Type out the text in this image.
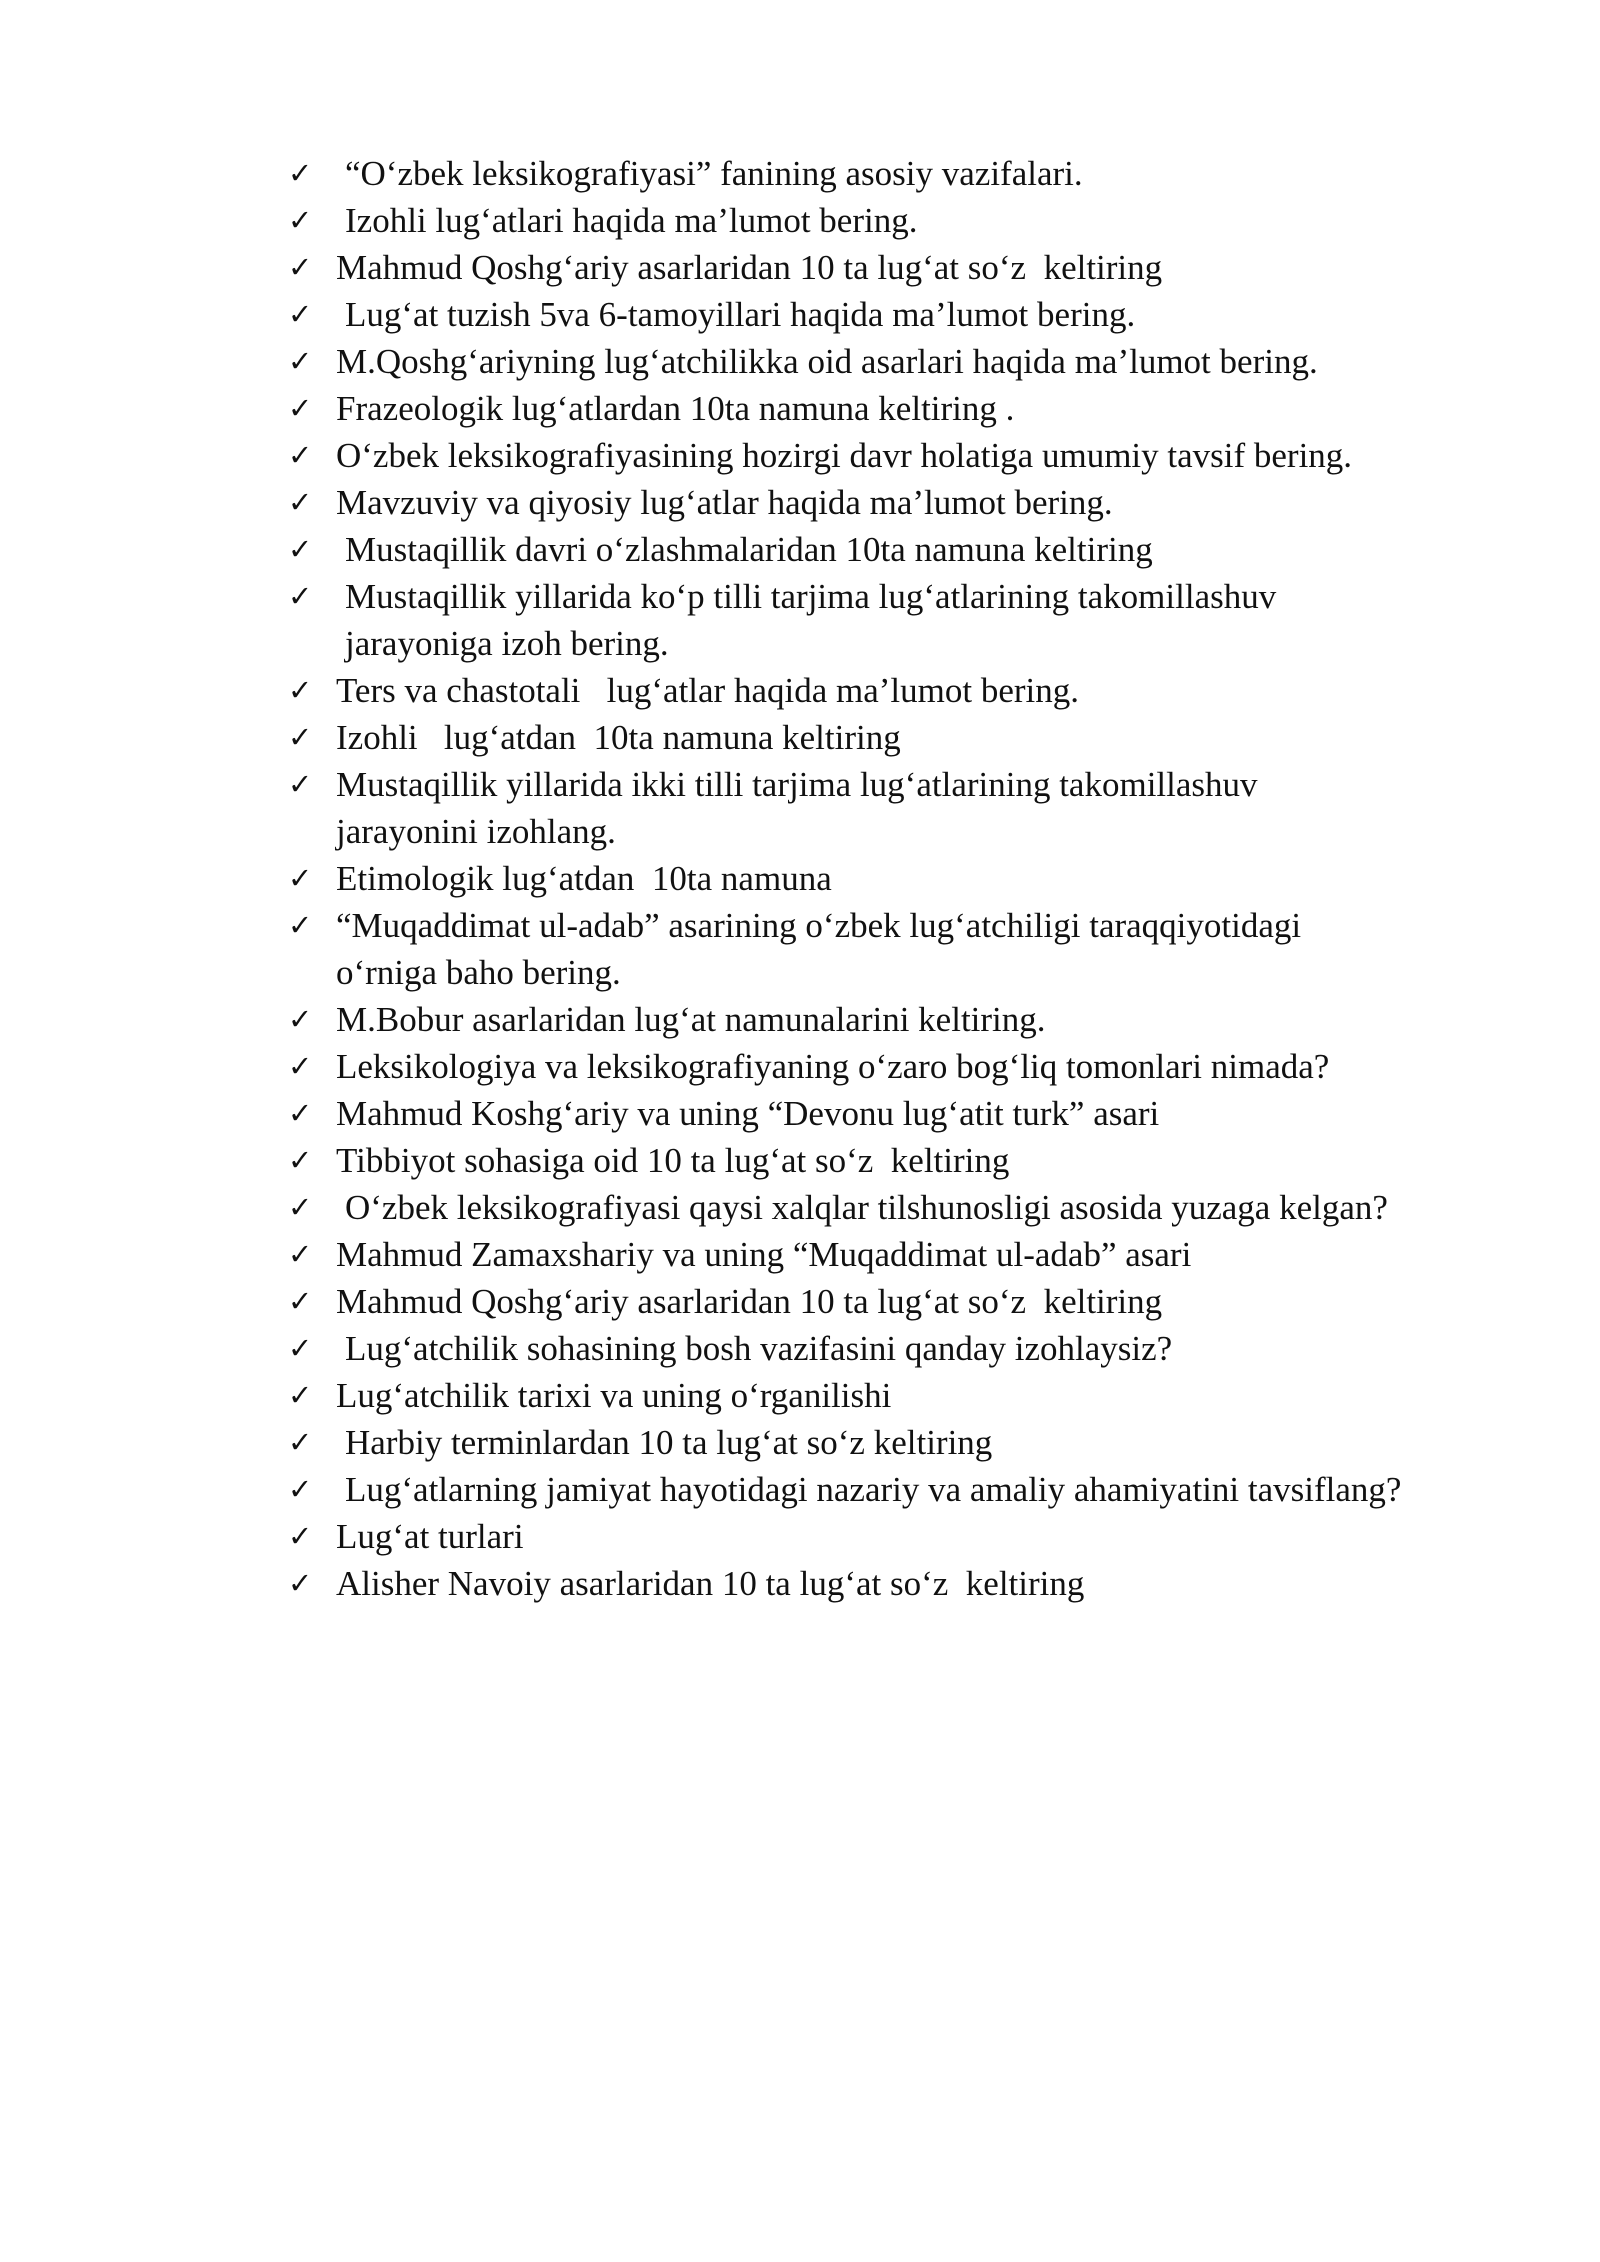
✓ “O‘zbek leksikografiyasi” fanining asosiy vazifalari.
✓ Izohli lug‘atlari haqida ma’lumot bering.
✓ Mahmud Qoshg‘ariy asarlaridan 10 ta lug‘at so‘z  keltiring
✓ Lug‘at tuzish 5va 6-tamoyillari haqida ma’lumot bering.
✓ M.Qoshg‘ariyning lug‘atchilikka oid asarlari haqida ma’lumot bering.
✓ Frazeologik lug‘atlardan 10ta namuna keltiring .
✓ O‘zbek leksikografiyasining hozirgi davr holatiga umumiy tavsif bering.
✓ Mavzuviy va qiyosiy lug‘atlar haqida ma’lumot bering.
✓ Mustaqillik davri o‘zlashmalaridan 10ta namuna keltiring
✓ Mustaqillik yillarida ko‘p tilli tarjima lug‘atlarining takomillashuv
jarayoniga izoh bering.
✓ Ters va chastotali   lug‘atlar haqida ma’lumot bering.
✓ Izohli   lug‘atdan  10ta namuna keltiring
✓ Mustaqillik yillarida ikki tilli tarjima lug‘atlarining takomillashuv
jarayonini izohlang.
✓ Etimologik lug‘atdan  10ta namuna
✓ “Muqaddimat ul-adab” asarining o‘zbek lug‘atchiligi taraqqiyotidagi
o‘rniga baho bering.
✓ M.Bobur asarlaridan lug‘at namunalarini keltiring.
✓ Leksikologiya va leksikografiyaning o‘zaro bog‘liq tomonlari nimada?
✓ Mahmud Koshg‘ariy va uning “Devonu lug‘atit turk” asari
✓ Tibbiyot sohasiga oid 10 ta lug‘at so‘z  keltiring
✓ O‘zbek leksikografiyasi qaysi xalqlar tilshunosligi asosida yuzaga kelgan?
✓ Mahmud Zamaxshariy va uning “Muqaddimat ul-adab” asari
✓ Mahmud Qoshg‘ariy asarlaridan 10 ta lug‘at so‘z  keltiring
✓ Lug‘atchilik sohasining bosh vazifasini qanday izohlaysiz?
✓ Lug‘atchilik tarixi va uning o‘rganilishi
✓ Harbiy terminlardan 10 ta lug‘at so‘z keltiring
✓ Lug‘atlarning jamiyat hayotidagi nazariy va amaliy ahamiyatini tavsiflang?
✓ Lug‘at turlari
✓ Alisher Navoiy asarlaridan 10 ta lug‘at so‘z  keltiring
